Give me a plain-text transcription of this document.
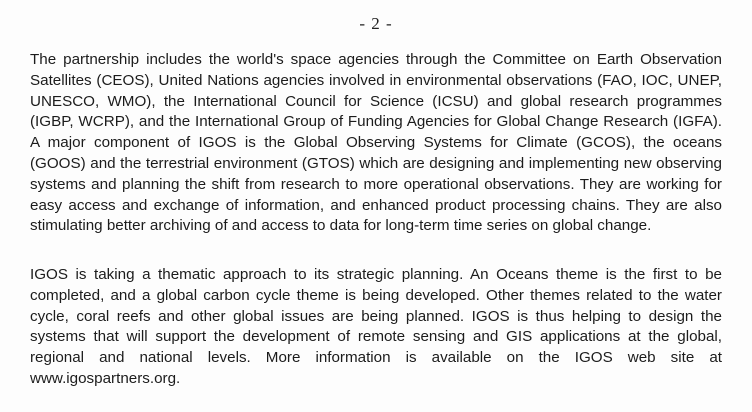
- 2 -

The partnership includes the world's space agencies through the Committee on Earth Observation Satellites (CEOS), United Nations agencies involved in environmental observations (FAO, IOC, UNEP, UNESCO, WMO), the International Council for Science (ICSU) and global research programmes (IGBP, WCRP), and the International Group of Funding Agencies for Global Change Research (IGFA). A major component of IGOS is the Global Observing Systems for Climate (GCOS), the oceans (GOOS) and the terrestrial environment (GTOS) which are designing and implementing new observing systems and planning the shift from research to more operational observations. They are working for easy access and exchange of information, and enhanced product processing chains. They are also stimulating better archiving of and access to data for long-term time series on global change.

IGOS is taking a thematic approach to its strategic planning. An Oceans theme is the first to be completed, and a global carbon cycle theme is being developed. Other themes related to the water cycle, coral reefs and other global issues are being planned. IGOS is thus helping to design the systems that will support the development of remote sensing and GIS applications at the global, regional and national levels. More information is available on the IGOS web site at www.igospartners.org.
